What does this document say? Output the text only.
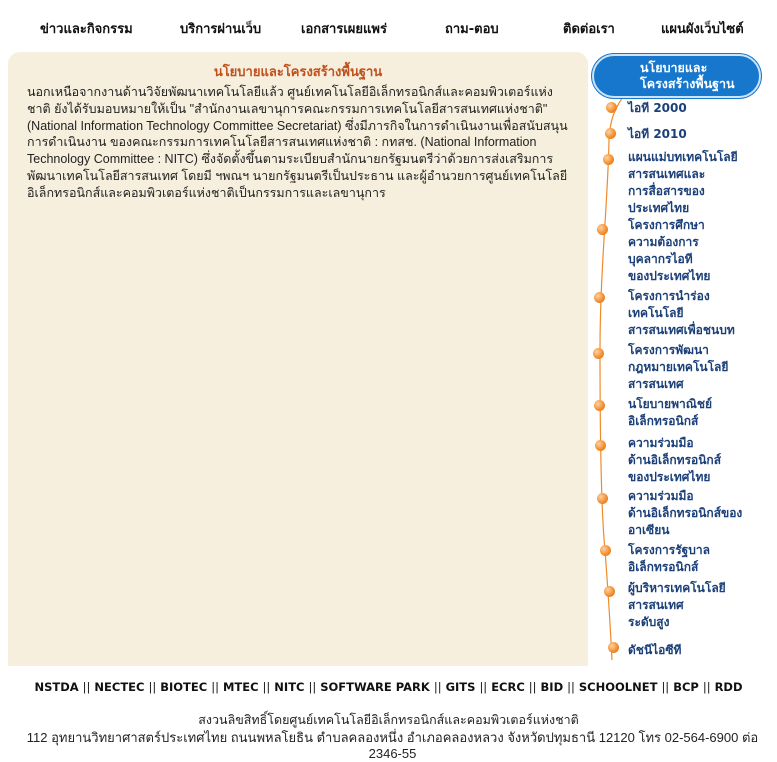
ข่าวและกิจกรรม	บริการผ่านเว็บ	เอกสารเผยแพร่	ถาม-ตอบ	ติดต่อเรา	แผนผังเว็บไซต์
นโยบายและโครงสร้างพื้นฐาน
นอกเหนือจากงานด้านวิจัยพัฒนาเทคโนโลยีแล้ว ศูนย์เทคโนโลยีอิเล็กทรอนิกส์และคอมพิวเตอร์แห่งชาติ ยังได้รับมอบหมายให้เป็น "สำนักงานเลขานุการคณะกรรมการเทคโนโลยีสารสนเทศแห่งชาติ" (National Information Technology Committee Secretariat) ซึ่งมีภารกิจในการดำเนินงานเพื่อสนับสนุนการดำเนินงาน ของคณะกรรมการเทคโนโลยีสารสนเทศแห่งชาติ : กทสช. (National Information Technology Committee : NITC) ซึ่งจัดตั้งขึ้นตามระเบียบสำนักนายกรัฐมนตรีว่าด้วยการส่งเสริมการพัฒนาเทคโนโลยีสารสนเทศ โดยมี ฯพณฯ นายกรัฐมนตรีเป็นประธาน และผู้อำนวยการศูนย์เทคโนโลยีอิเล็กทรอนิกส์และคอมพิวเตอร์แห่งชาติเป็นกรรมการและเลขานุการ
นโยบายและ
โครงสร้างพื้นฐาน
ไอที 2000
ไอที 2010
แผนแม่บทเทคโนโลยี
สารสนเทศและ
การสื่อสารของ
ประเทศไทย
โครงการศึกษา
ความต้องการ
บุคลากรไอที
ของประเทศไทย
โครงการนำร่อง
เทคโนโลยี
สารสนเทศเพื่อชนบท
โครงการพัฒนา
กฎหมายเทคโนโลยี
สารสนเทศ
นโยบายพาณิชย์
อิเล็กทรอนิกส์
ความร่วมมือ
ด้านอิเล็กทรอนิกส์
ของประเทศไทย
ความร่วมมือ
ด้านอิเล็กทรอนิกส์ของ
อาเซียน
โครงการรัฐบาล
อิเล็กทรอนิกส์
ผู้บริหารเทคโนโลยี
สารสนเทศ
ระดับสูง
ดัชนีไอซีที
NSTDA || NECTEC || BIOTEC || MTEC || NITC || SOFTWARE PARK || GITS || ECRC || BID || SCHOOLNET || BCP || RDD
สงวนลิขสิทธิ์โดยศูนย์เทคโนโลยีอิเล็กทรอนิกส์และคอมพิวเตอร์แห่งชาติ
112 อุทยานวิทยาศาสตร์ประเทศไทย ถนนพหลโยธิน ตำบลคลองหนึ่ง อำเภอคลองหลวง จังหวัดปทุมธานี 12120 โทร 02-564-6900 ต่อ 2346-55
